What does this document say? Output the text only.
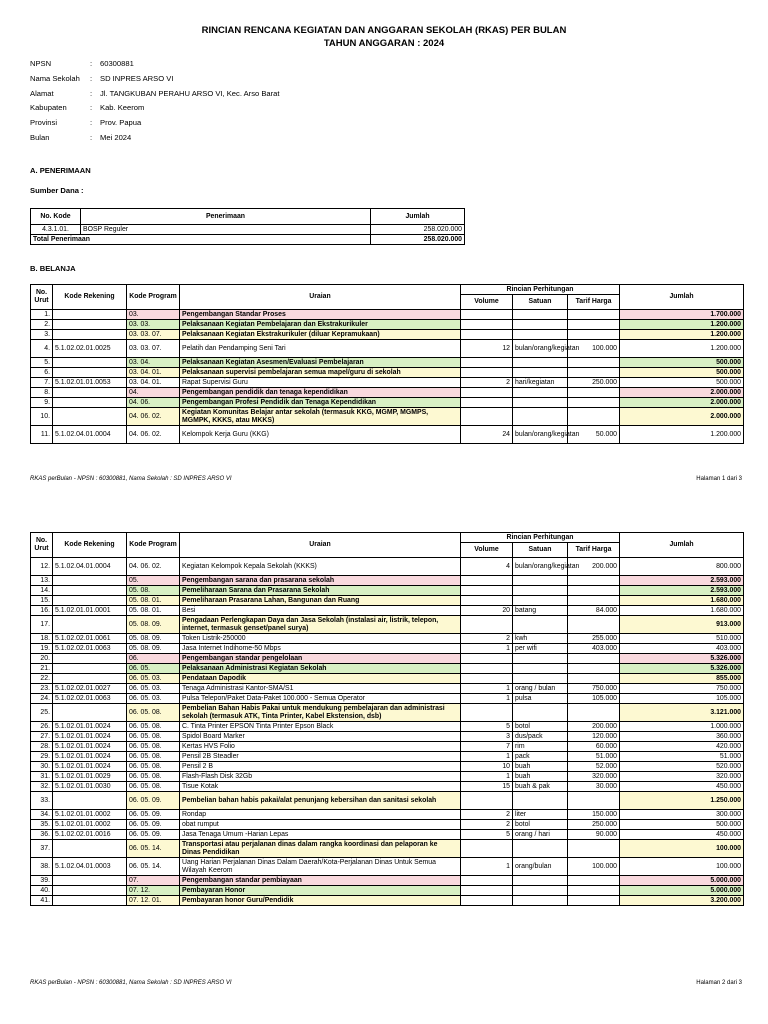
RINCIAN RENCANA KEGIATAN DAN ANGGARAN SEKOLAH (RKAS) PER BULAN
TAHUN ANGGARAN : 2024
NPSN	:	60300881
Nama Sekolah	:	SD INPRES ARSO VI
Alamat	:	Jl. TANGKUBAN PERAHU ARSO VI, Kec. Arso Barat
Kabupaten	:	Kab. Keerom
Provinsi	:	Prov. Papua
Bulan	:	Mei 2024
A. PENERIMAAN
Sumber Dana :
No. Kode	Penerimaan	Jumlah
4.3.1.01.	BOSP Reguler	258.020.000
Total Penerimaan		258.020.000
B. BELANJA
No. Urut	Kode Rekening	Kode Program	Uraian	Rincian Perhitungan			Jumlah
				Volume	Satuan	Tarif Harga	
1.		03.	Pengembangan Standar Proses				1.700.000
2.		03. 03.	Pelaksanaan Kegiatan Pembelajaran dan Ekstrakurikuler				1.200.000
3.		03. 03. 07.	Pelaksanaan Kegiatan Ekstrakurikuler (diluar Kepramukaan)				1.200.000
4.	5.1.02.02.01.0025	03. 03. 07.	Pelatih dan Pendamping Seni Tari	12	bulan/orang/kegiatan	100.000	1.200.000
5.		03. 04.	Pelaksanaan Kegiatan Asesmen/Evaluasi Pembelajaran				500.000
6.		03. 04. 01.	Pelaksanaan supervisi pembelajaran semua mapel/guru di sekolah				500.000
7.	5.1.02.01.01.0053	03. 04. 01.	Rapat Supervisi Guru	2	hari/kegiatan	250.000	500.000
8.		04.	Pengembangan pendidik dan tenaga kependidikan				2.000.000
9.		04. 06.	Pengembangan Profesi Pendidik dan Tenaga Kependidikan				2.000.000
10.		04. 06. 02.	Kegiatan Komunitas Belajar antar sekolah (termasuk KKG, MGMP, MGMPS, MGMPK, KKKS, atau MKKS)				2.000.000
11.	5.1.02.04.01.0004	04. 06. 02.	Kelompok Kerja Guru (KKG)	24	bulan/orang/kegiatan	50.000	1.200.000
RKAS perBulan - NPSN : 60300881, Nama Sekolah : SD INPRES ARSO VI	Halaman 1 dari 3
No. Urut	Kode Rekening	Kode Program	Uraian	Rincian Perhitungan			Jumlah
				Volume	Satuan	Tarif Harga	
12.	5.1.02.04.01.0004	04. 06. 02.	Kegiatan Kelompok Kepala Sekolah (KKKS)	4	bulan/orang/kegiatan	200.000	800.000
13.		05.	Pengembangan sarana dan prasarana sekolah				2.593.000
14.		05. 08.	Pemeliharaan Sarana dan Prasarana Sekolah				2.593.000
15.		05. 08. 01.	Pemeliharaan Prasarana Lahan, Bangunan dan Ruang				1.680.000
16.	5.1.02.01.01.0001	05. 08. 01.	Besi	20	batang	84.000	1.680.000
17.		05. 08. 09.	Pengadaan Perlengkapan Daya dan Jasa Sekolah (instalasi air, listrik, telepon, internet, termasuk genset/panel surya)				913.000
18.	5.1.02.02.01.0061	05. 08. 09.	Token Listrik-250000	2	kwh	255.000	510.000
19.	5.1.02.02.01.0063	05. 08. 09.	Jasa Internet Indihome-50 Mbps	1	per wifi	403.000	403.000
20.		06.	Pengembangan standar pengelolaan				5.326.000
21.		06. 05.	Pelaksanaan Administrasi Kegiatan Sekolah				5.326.000
22.		06. 05. 03.	Pendataan Dapodik				855.000
23.	5.1.02.02.01.0027	06. 05. 03.	Tenaga Administrasi Kantor-SMA/S1	1	orang / bulan	750.000	750.000
24.	5.1.02.02.01.0063	06. 05. 03.	Pulsa Telepon/Paket Data-Paket 100.000 - Semua Operator	1	pulsa	105.000	105.000
25.		06. 05. 08.	Pembelian Bahan Habis Pakai untuk mendukung pembelajaran dan administrasi sekolah (termasuk ATK, Tinta Printer, Kabel Ekstension, dsb)				3.121.000
26.	5.1.02.01.01.0024	06. 05. 08.	C. Tinta Printer EPSON Tinta Printer Epson Black	5	botol	200.000	1.000.000
27.	5.1.02.01.01.0024	06. 05. 08.	Spidol Board Marker	3	dus/pack	120.000	360.000
28.	5.1.02.01.01.0024	06. 05. 08.	Kertas HVS Folio	7	rim	60.000	420.000
29.	5.1.02.01.01.0024	06. 05. 08.	Pensil 2B Steadler	1	pack	51.000	51.000
30.	5.1.02.01.01.0024	06. 05. 08.	Pensil 2 B	10	buah	52.000	520.000
31.	5.1.02.01.01.0029	06. 05. 08.	Flash-Flash Disk 32Gb	1	buah	320.000	320.000
32.	5.1.02.01.01.0030	06. 05. 08.	Tisue Kotak	15	buah & pak	30.000	450.000
33.		06. 05. 09.	Pembelian bahan habis pakai/alat penunjang kebersihan dan sanitasi sekolah				1.250.000
34.	5.1.02.01.01.0002	06. 05. 09.	Rondap	2	liter	150.000	300.000
35.	5.1.02.01.01.0002	06. 05. 09.	obat rumput	2	botol	250.000	500.000
36.	5.1.02.02.01.0016	06. 05. 09.	Jasa Tenaga Umum -Harian Lepas	5	orang / hari	90.000	450.000
37.		06. 05. 14.	Transportasi atau perjalanan dinas dalam rangka koordinasi dan pelaporan ke Dinas Pendidikan				100.000
38.	5.1.02.04.01.0003	06. 05. 14.	Uang Harian Perjalanan Dinas Dalam Daerah/Kota-Perjalanan Dinas Untuk Semua Wilayah Keerom	1	orang/bulan	100.000	100.000
39.		07.	Pengembangan standar pembiayaan				5.000.000
40.		07. 12.	Pembayaran Honor				5.000.000
41.		07. 12. 01.	Pembayaran honor Guru/Pendidik				3.200.000
RKAS perBulan - NPSN : 60300881, Nama Sekolah : SD INPRES ARSO VI	Halaman 2 dari 3
